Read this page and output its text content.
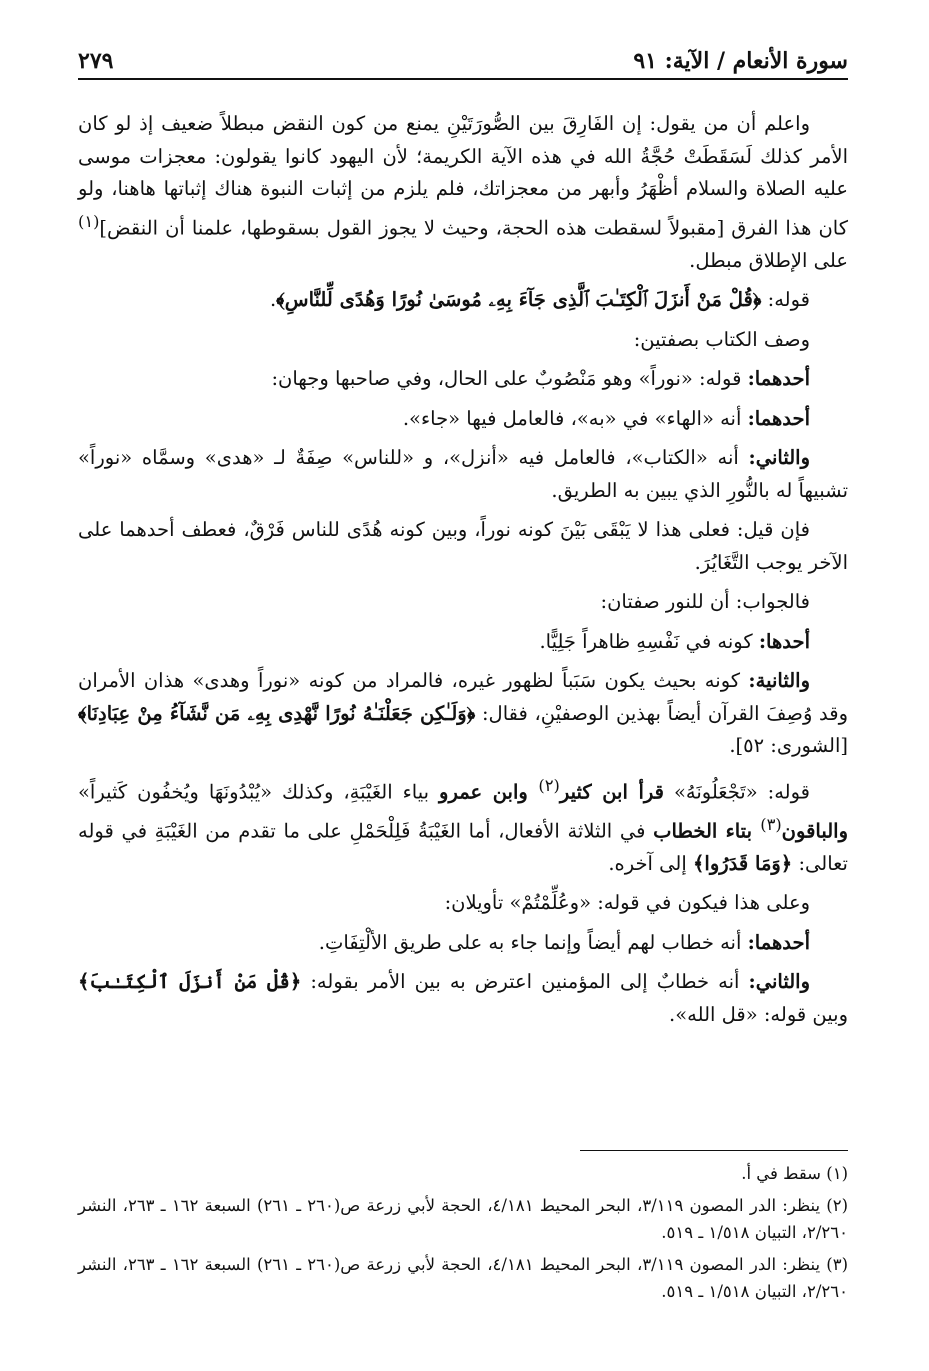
سورة الأنعام / الآية: ٩١
٢٧٩

واعلم أن من يقول: إن الفَارِقَ بين الصُّورَتَيْنِ يمنع من كون النقض مبطلاً ضعيف إذ لو كان الأمر كذلك لَسَقَطَتْ حُجَّةُ الله في هذه الآية الكريمة؛ لأن اليهود كانوا يقولون: معجزات موسى عليه الصلاة والسلام أظْهَرُ وأبهر من معجزاتك، فلم يلزم من إثبات النبوة هناك إثباتها هاهنا، ولو كان هذا الفرق [مقبولاً لسقطت هذه الحجة، وحيث لا يجوز القول بسقوطها، علمنا أن النقض]$^{(١)}$ على الإطلاق مبطل.

قوله: ﴿قُلْ مَنْ أَنزَلَ ٱلْكِتَـٰبَ ٱلَّذِى جَآءَ بِهِۦ مُوسَىٰ نُورًا وَهُدًى لِّلنَّاسِ﴾.

وصف الكتاب بصفتين:

أحدهما: قوله: «نوراً» وهو مَنْصُوبٌ على الحال، وفي صاحبها وجهان:

أحدهما: أنه «الهاء» في «به»، فالعامل فيها «جاء».

والثاني: أنه «الكتاب»، فالعامل فيه «أنزل»، و «للناس» صِفَةٌ لـ «هدى» وسمَّاه «نوراً» تشبيهاً له بالنُّورِ الذي يبين به الطريق.

فإن قيل: فعلى هذا لا يَبْقَى بَيْنَ كونه نوراً، وبين كونه هُدًى للناس فَرْقٌ، فعطف أحدهما على الآخر يوجب التَّغَايُرَ.

فالجواب: أن للنور صفتان:

أحدها: كونه في نَفْسِهِ ظاهراً جَلِيًّا.

والثانية: كونه بحيث يكون سَبَباً لظهور غيره، فالمراد من كونه «نوراً وهدى» هذان الأمران وقد وُصِفَ القرآن أيضاً بهذين الوصفيْنِ، فقال: ﴿وَلَـٰكِن جَعَلْنَـٰهُ نُورًا نَّهْدِى بِهِۦ مَن نَّشَآءُ مِنْ عِبَادِنَا﴾ [الشورى: ٥٢].

قوله: «تَجْعَلُونَهُ» قرأ ابن كثير$^{(٢)}$ وابن عمرو بياء الغَيْبَةِ، وكذلك «يُبْدُونَهَا ويُخفُون كَثيراً» والباقون$^{(٣)}$ بتاء الخطاب في الثلاثة الأفعال، أما الغَيْبَةُ فَلِلْحَمْلِ على ما تقدم من الغَيْبَةِ في قوله تعالى: ﴿وَمَا قَدَرُوا﴾ إلى آخره.

وعلى هذا فيكون في قوله: «وعُلِّمْتُمْ» تأويلان:

أحدهما: أنه خطاب لهم أيضاً وإنما جاء به على طريق الألْتِفَاتِ.

والثاني: أنه خطابٌ إلى المؤمنين اعترض به بين الأمر بقوله: ﴿قُلْ مَنْ أَنزَلَ ٱلْكِتَـٰبَ﴾ وبين قوله: «قل الله».

(١) سقط في أ.

(٢) ينظر: الدر المصون ٣/١١٩، البحر المحيط ٤/١٨١، الحجة لأبي زرعة ص(٢٦٠ ـ ٢٦١) السبعة ١٦٢ ـ ٢٦٣، النشر ٢/٢٦٠، التبيان ١/٥١٨ ـ ٥١٩.

(٣) ينظر: الدر المصون ٣/١١٩، البحر المحيط ٤/١٨١، الحجة لأبي زرعة ص(٢٦٠ ـ ٢٦١) السبعة ١٦٢ ـ ٢٦٣، النشر ٢/٢٦٠، التبيان ١/٥١٨ ـ ٥١٩.
